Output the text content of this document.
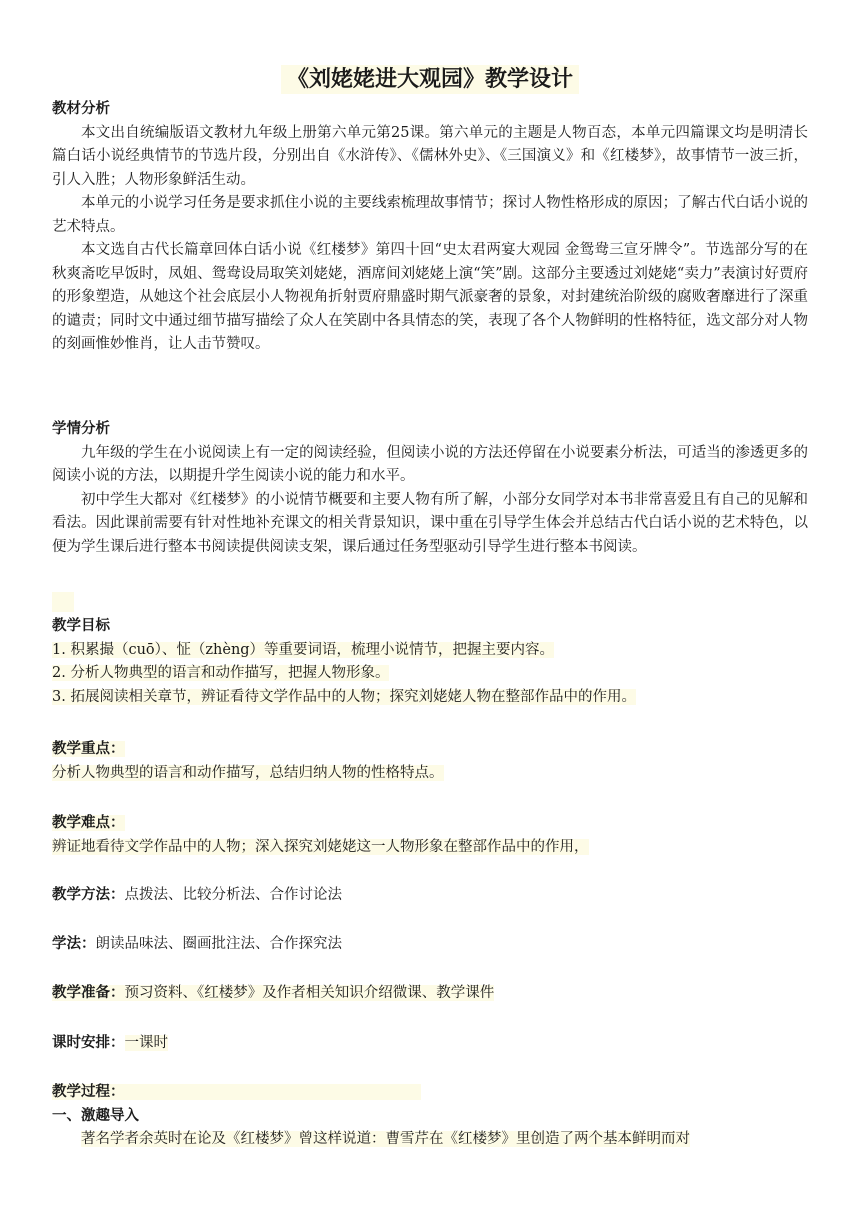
《刘姥姥进大观园》教学设计
教材分析

本文出自统编版语文教材九年级上册第六单元第25课。第六单元的主题是人物百态，本单元四篇课文均是明清长篇白话小说经典情节的节选片段，分别出自《水浒传》、《儒林外史》、《三国演义》和《红楼梦》，故事情节一波三折，引人入胜；人物形象鲜活生动。

本单元的小说学习任务是要求抓住小说的主要线索梳理故事情节；探讨人物性格形成的原因；了解古代白话小说的艺术特点。

本文选自古代长篇章回体白话小说《红楼梦》第四十回“史太君两宴大观园 金鸳鸯三宣牙牌令”。节选部分写的在秋爽斋吃早饭时，凤姐、鸳鸯设局取笑刘姥姥，酒席间刘姥姥上演“笑”剧。这部分主要透过刘姥姥“卖力”表演讨好贾府的形象塑造，从她这个社会底层小人物视角折射贾府鼎盛时期气派豪奢的景象，对封建统治阶级的腐败奢靡进行了深重的谴责；同时文中通过细节描写描绘了众人在笑剧中各具情态的笑，表现了各个人物鲜明的性格特征，选文部分对人物的刻画惟妙惟肖，让人击节赞叹。

学情分析

九年级的学生在小说阅读上有一定的阅读经验，但阅读小说的方法还停留在小说要素分析法，可适当的渗透更多的阅读小说的方法，以期提升学生阅读小说的能力和水平。

初中学生大都对《红楼梦》的小说情节概要和主要人物有所了解，小部分女同学对本书非常喜爱且有自己的见解和看法。因此课前需要有针对性地补充课文的相关背景知识，课中重在引导学生体会并总结古代白话小说的艺术特色，以便为学生课后进行整本书阅读提供阅读支架，课后通过任务型驱动引导学生进行整本书阅读。

教学目标

1. 积累撮（cuō）、怔（zhèng）等重要词语，梳理小说情节，把握主要内容。

2. 分析人物典型的语言和动作描写，把握人物形象。

3. 拓展阅读相关章节，辨证看待文学作品中的人物；探究刘姥姥人物在整部作品中的作用。

教学重点：

分析人物典型的语言和动作描写，总结归纳人物的性格特点。

教学难点：

辨证地看待文学作品中的人物；深入探究刘姥姥这一人物形象在整部作品中的作用，

教学方法：点拨法、比较分析法、合作讨论法
学法：朗读品味法、圈画批注法、合作探究法
教学准备：预习资料、《红楼梦》及作者相关知识介绍微课、教学课件
课时安排：一课时
教学过程：
一、激趣导入

著名学者余英时在论及《红楼梦》曾这样说道：曹雪芹在《红楼梦》里创造了两个基本鲜明而对
